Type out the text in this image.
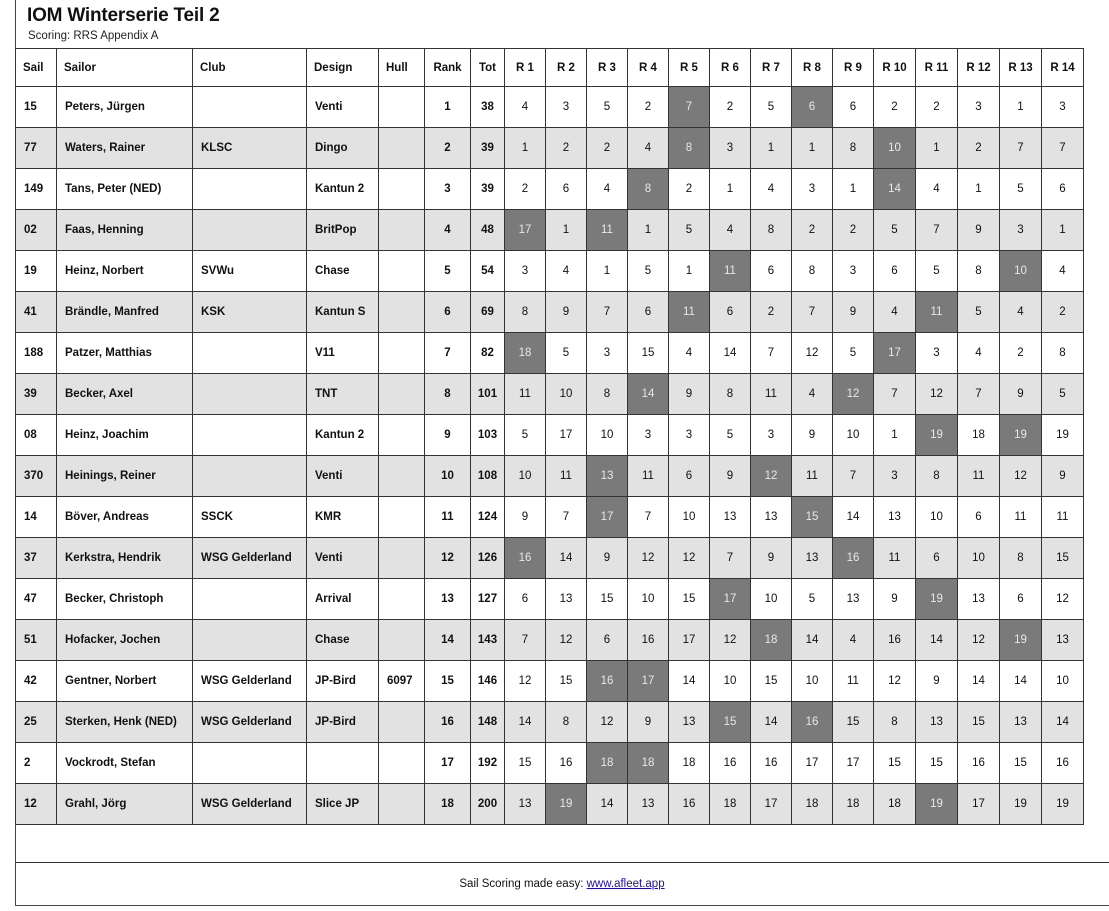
IOM Winterserie Teil 2
Scoring: RRS Appendix A
Sail	Sailor	Club	Design	Hull	Rank	Tot	R 1	R 2	R 3	R 4	R 5	R 6	R 7	R 8	R 9	R 10	R 11	R 12	R 13	R 14
15	Peters, Jürgen		Venti		1	38	4	3	5	2	7	2	5	6	6	2	2	3	1	3
77	Waters, Rainer	KLSC	Dingo		2	39	1	2	2	4	8	3	1	1	8	10	1	2	7	7
149	Tans, Peter (NED)		Kantun 2		3	39	2	6	4	8	2	1	4	3	1	14	4	1	5	6
02	Faas, Henning		BritPop		4	48	17	1	11	1	5	4	8	2	2	5	7	9	3	1
19	Heinz, Norbert	SVWu	Chase		5	54	3	4	1	5	1	11	6	8	3	6	5	8	10	4
41	Brändle, Manfred	KSK	Kantun S		6	69	8	9	7	6	11	6	2	7	9	4	11	5	4	2
188	Patzer, Matthias		V11		7	82	18	5	3	15	4	14	7	12	5	17	3	4	2	8
39	Becker, Axel		TNT		8	101	11	10	8	14	9	8	11	4	12	7	12	7	9	5
08	Heinz, Joachim		Kantun 2		9	103	5	17	10	3	3	5	3	9	10	1	19	18	19	19
370	Heinings, Reiner		Venti		10	108	10	11	13	11	6	9	12	11	7	3	8	11	12	9
14	Böver, Andreas	SSCK	KMR		11	124	9	7	17	7	10	13	13	15	14	13	10	6	11	11
37	Kerkstra, Hendrik	WSG Gelderland	Venti		12	126	16	14	9	12	12	7	9	13	16	11	6	10	8	15
47	Becker, Christoph		Arrival		13	127	6	13	15	10	15	17	10	5	13	9	19	13	6	12
51	Hofacker, Jochen		Chase		14	143	7	12	6	16	17	12	18	14	4	16	14	12	19	13
42	Gentner, Norbert	WSG Gelderland	JP-Bird	6097	15	146	12	15	16	17	14	10	15	10	11	12	9	14	14	10
25	Sterken, Henk (NED)	WSG Gelderland	JP-Bird		16	148	14	8	12	9	13	15	14	16	15	8	13	15	13	14
2	Vockrodt, Stefan				17	192	15	16	18	18	18	16	16	17	17	15	15	16	15	16
12	Grahl, Jörg	WSG Gelderland	Slice JP		18	200	13	19	14	13	16	18	17	18	18	18	19	17	19	19
Sail Scoring made easy: www.afleet.app
